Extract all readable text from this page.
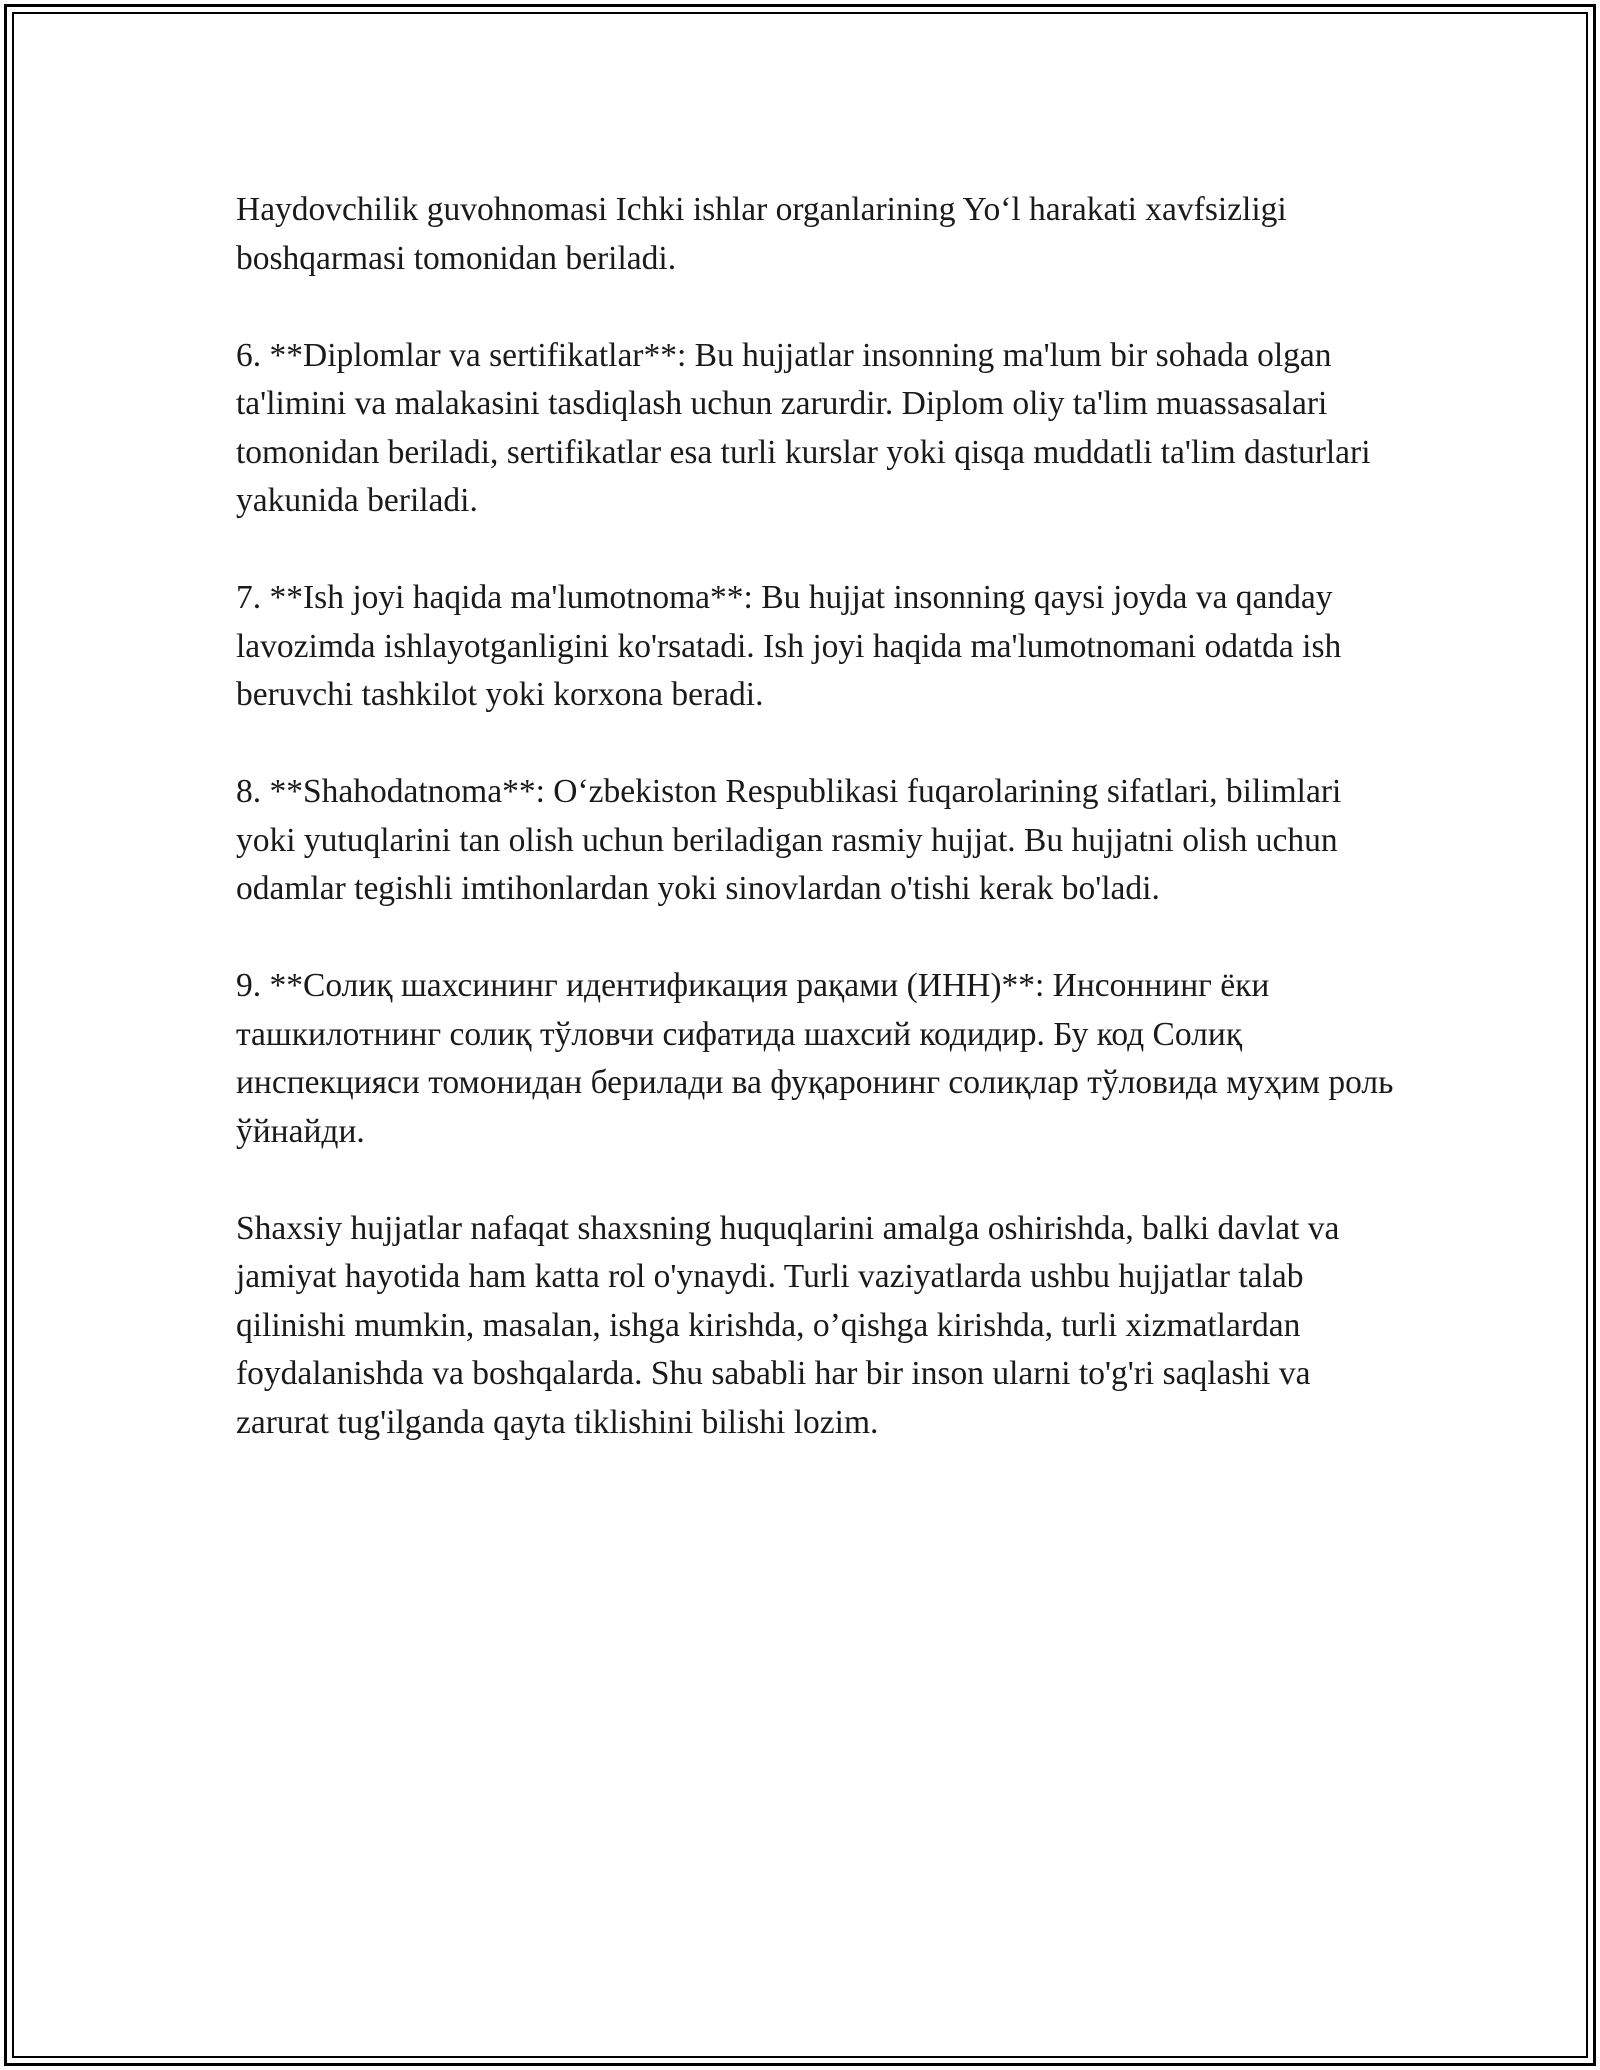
Haydovchilik guvohnomasi Ichki ishlar organlarining Yoʻl harakati xavfsizligi boshqarmasi tomonidan beriladi.

6. **Diplomlar va sertifikatlar**: Bu hujjatlar insonning ma'lum bir sohada olgan ta'limini va malakasini tasdiqlash uchun zarurdir. Diplom oliy ta'lim muassasalari tomonidan beriladi, sertifikatlar esa turli kurslar yoki qisqa muddatli ta'lim dasturlari yakunida beriladi.

7. **Ish joyi haqida ma'lumotnoma**: Bu hujjat insonning qaysi joyda va qanday lavozimda ishlayotganligini ko'rsatadi. Ish joyi haqida ma'lumotnomani odatda ish beruvchi tashkilot yoki korxona beradi.

8. **Shahodatnoma**: Oʻzbekiston Respublikasi fuqarolarining sifatlari, bilimlari yoki yutuqlarini tan olish uchun beriladigan rasmiy hujjat. Bu hujjatni olish uchun odamlar tegishli imtihonlardan yoki sinovlardan o'tishi kerak bo'ladi.

9. **Солиқ шахсининг идентификация рақами (ИНН)**: Инсоннинг ёки ташкилотнинг солиқ тўловчи сифатида шахсий кодидир. Бу код Солиқ инспекцияси томонидан берилади ва фуқаронинг солиқлар тўловида муҳим роль ўйнайди.

Shaxsiy hujjatlar nafaqat shaxsning huquqlarini amalga oshirishda, balki davlat va jamiyat hayotida ham katta rol o'ynaydi. Turli vaziyatlarda ushbu hujjatlar talab qilinishi mumkin, masalan, ishga kirishda, o’qishga kirishda, turli xizmatlardan foydalanishda va boshqalarda. Shu sababli har bir inson ularni to'g'ri saqlashi va zarurat tug'ilganda qayta tiklishini bilishi lozim.
